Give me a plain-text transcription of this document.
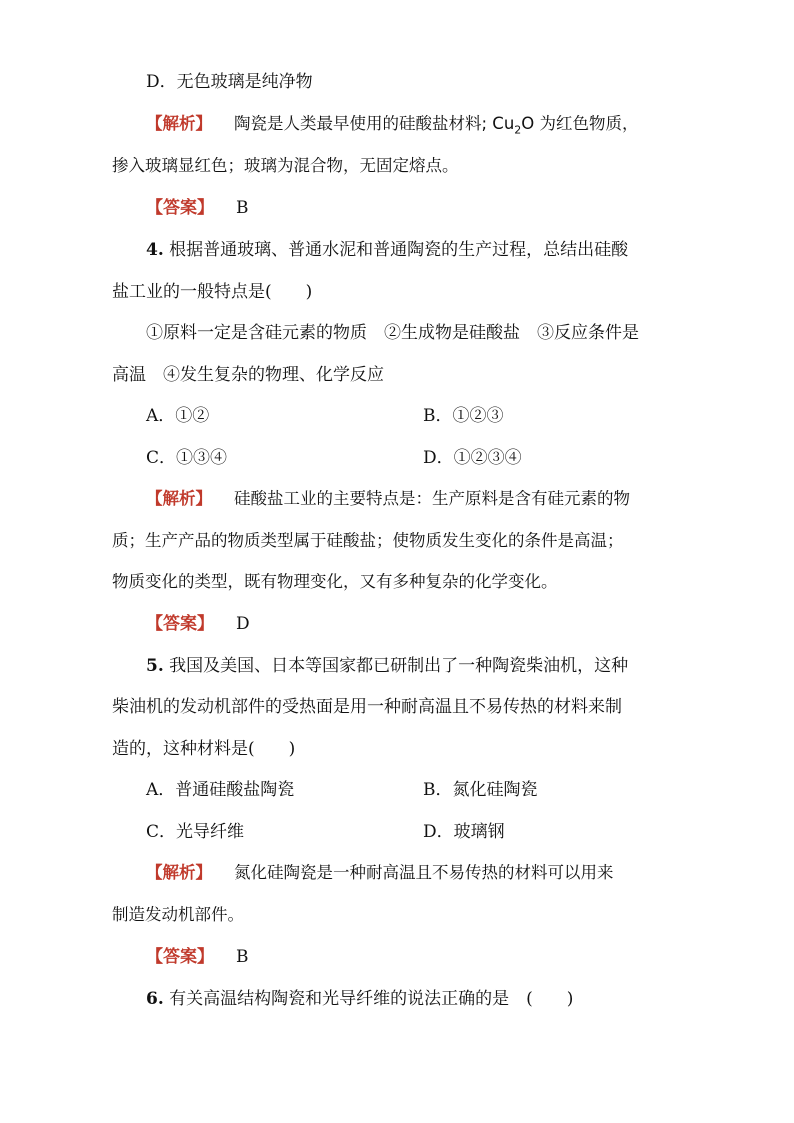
D．无色玻璃是纯净物
【解析】 陶瓷是人类最早使用的硅酸盐材料; $Cu_2O$ 为红色物质，
掺入玻璃显红色；玻璃为混合物，无固定熔点。
【答案】 B
4. 根据普通玻璃、普通水泥和普通陶瓷的生产过程，总结出硅酸
盐工业的一般特点是(　　)
①原料一定是含硅元素的物质　②生成物是硅酸盐　③反应条件是
高温　④发生复杂的物理、化学反应
A．①②	B．①②③
C．①③④	D．①②③④
【解析】 硅酸盐工业的主要特点是：生产原料是含有硅元素的物
质；生产产品的物质类型属于硅酸盐；使物质发生变化的条件是高温；
物质变化的类型，既有物理变化，又有多种复杂的化学变化。
【答案】 D
5. 我国及美国、日本等国家都已研制出了一种陶瓷柴油机，这种
柴油机的发动机部件的受热面是用一种耐高温且不易传热的材料来制
造的，这种材料是(　　)
A．普通硅酸盐陶瓷	B．氮化硅陶瓷
C．光导纤维	D．玻璃钢
【解析】 氮化硅陶瓷是一种耐高温且不易传热的材料可以用来
制造发动机部件。
【答案】 B
6. 有关高温结构陶瓷和光导纤维的说法正确的是　(　　)
